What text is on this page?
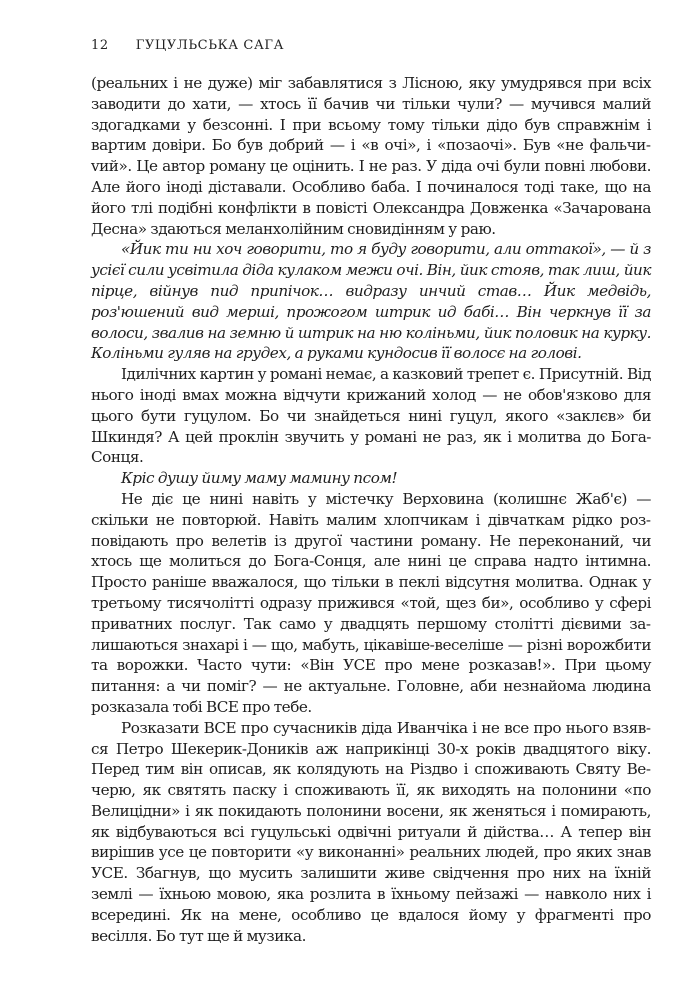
12 ГУЦУЛЬСЬКА САГА

(реальних і не дуже) міг забавлятися з Лісною, яку умудрявся при всіх заводити до хати, — хтось її бачив чи тільки чули? — мучився малий здогадками у безсонні. І при всьому тому тільки дідо був справжнім і вартим довіри. Бо був добрий — і «в очі», і «позаочі». Був «не фальчиvий». Це автор роману це оцінить. І не раз. У діда очі були повні любови. Але його іноді діставали. Особливо баба. І починалося тоді таке, що на його тлі подібні конфлікти в повісті Олександра Довженка «Зачарована Десна» здаються меланхолійним сновидінням у раю.

«Йик ти ни хоч говорити, то я буду говорити, али оттакої», — й з усієї сили усвітила діда кулаком межи очі. Він, йик стояв, так лиш, йик пірце, війнув пид припічок… видразу инчий став… Йик медвідь, роз'юшений вид мерші, прожогом штрик ид бабі… Він черкнув її за волоси, звалив на земню й штрик на ню коліньми, йик половик на курку. Коліньми гуляв на грудех, а руками кундосив її волосє на голові.

Ідилічних картин у романі немає, а казковий трепет є. Присутній. Від нього іноді вмах можна відчути крижаний холод — не обов'язково для цього бути гуцулом. Бо чи знайдеться нині гуцул, якого «заклєв» би Шкиндя? А цей проклін звучить у романі не раз, як і молитва до Бога-Сонця.

Кріс душу йиму маму мамину псом!

Не діє це нині навіть у містечку Верховина (колишнє Жаб'є) — скільки не повторюй. Навіть малим хлопчикам і дівчаткам рідко розповідають про велетів із другої частини роману. Не переконаний, чи хтось ще молиться до Бога-Сонця, але нині це справа надто інтимна. Просто раніше вважалося, що тільки в пеклі відсутня молитва. Однак у третьому тисячолітті одразу прижився «той, щез би», особливо у сфері приватних послуг. Так само у двадцять першому столітті дієвими залишаються знахарі і — що, мабуть, цікавіше-веселіше — різні ворожбити та ворожки. Часто чути: «Він УСЕ про мене розказав!». При цьому питання: а чи поміг? — не актуальне. Головне, аби незнайома людина розказала тобі ВСЕ про тебе.

Розказати ВСЕ про сучасників діда Иванчіка і не все про нього взявся Петро Шекерик-Доників аж наприкінці 30-х років двадцятого віку. Перед тим він описав, як колядують на Різдво і споживають Святу Вечерю, як святять паску і споживають її, як виходять на полонини «по Велицідни» і як покидають полонини восени, як женяться і помирають, як відбуваються всі гуцульські одвічні ритуали й дійства… А тепер він вирішив усе це повторити «у виконанні» реальних людей, про яких знав УСЕ. Збагнув, що мусить залишити живе свідчення про них на їхній землі — їхньою мовою, яка розлита в їхньому пейзажі — навколо них і всередині. Як на мене, особливо це вдалося йому у фрагменті про весілля. Бо тут ще й музика.
